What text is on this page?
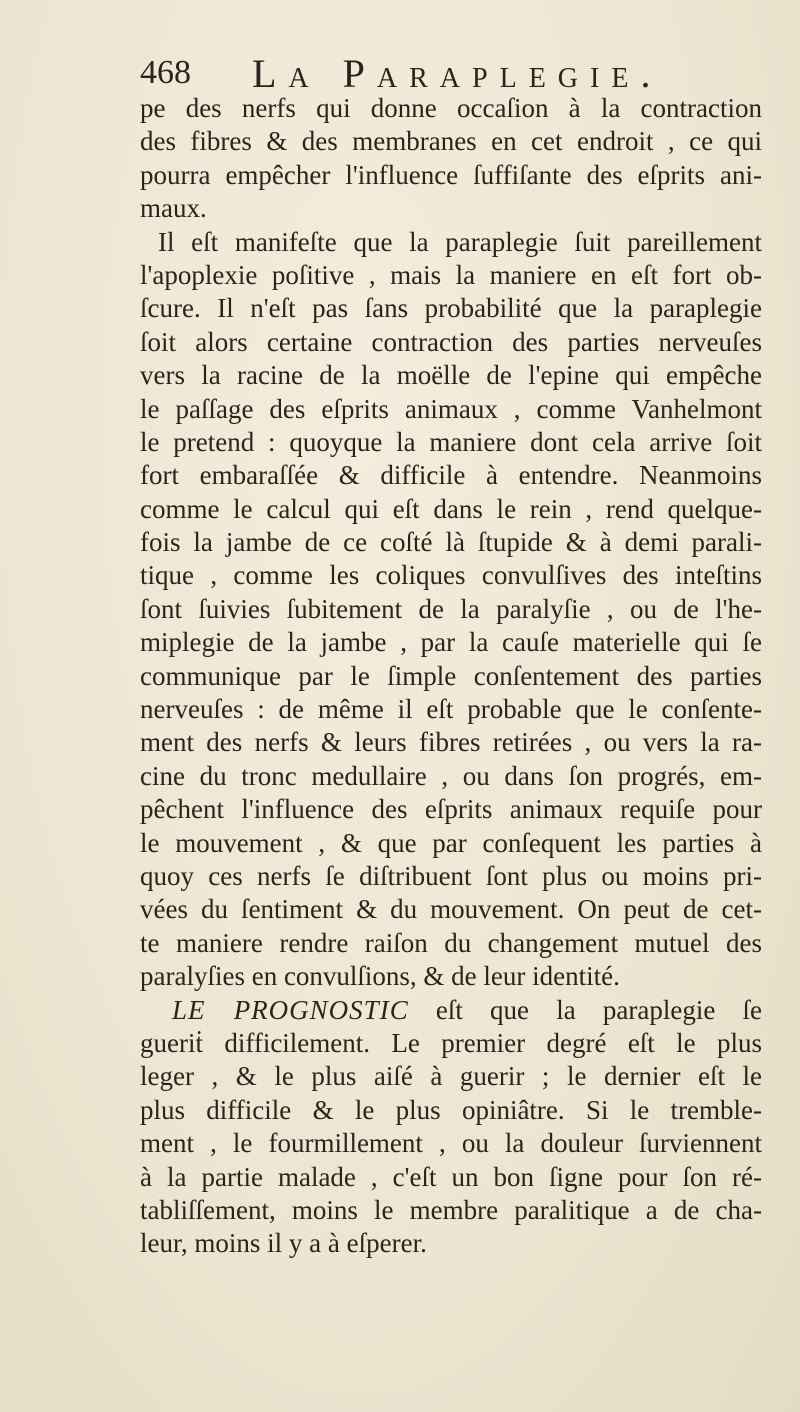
468 La Paraplegie.
pe des nerfs qui donne occaſion à la contraction
des fibres & des membranes en cet endroit , ce qui
pourra empêcher l'influence ſuffiſante des eſprits ani-
maux.
Il eſt manifeſte que la paraplegie ſuit pareillement
l'apoplexie poſitive , mais la maniere en eſt fort ob-
ſcure. Il n'eſt pas ſans probabilité que la paraplegie
ſoit alors certaine contraction des parties nerveuſes
vers la racine de la moëlle de l'epine qui empêche
le paſſage des eſprits animaux , comme Vanhelmont
le pretend : quoyque la maniere dont cela arrive ſoit
fort embaraſſée & difficile à entendre. Neanmoins
comme le calcul qui eſt dans le rein , rend quelque-
fois la jambe de ce coſté là ſtupide & à demi parali-
tique , comme les coliques convulſives des inteſtins
ſont ſuivies ſubitement de la paralyſie , ou de l'he-
miplegie de la jambe , par la cauſe materielle qui ſe
communique par le ſimple conſentement des parties
nerveuſes : de même il eſt probable que le conſente-
ment des nerfs & leurs fibres retirées , ou vers la ra-
cine du tronc medullaire , ou dans ſon progrés, em-
pêchent l'influence des eſprits animaux requiſe pour
le mouvement , & que par conſequent les parties à
quoy ces nerfs ſe diſtribuent ſont plus ou moins pri-
vées du ſentiment & du mouvement. On peut de cet-
te maniere rendre raiſon du changement mutuel des
paralyſies en convulſions, & de leur identité.
LE PROGNOSTIC eſt que la paraplegie ſe
gueriṫ difficilement. Le premier degré eſt le plus
leger , & le plus aiſé à guerir ; le dernier eſt le
plus difficile & le plus opiniâtre. Si le tremble-
ment , le fourmillement , ou la douleur ſurviennent
à la partie malade , c'eſt un bon ſigne pour ſon ré-
tabliſſement, moins le membre paralitique a de cha-
leur, moins il y a à eſperer.
